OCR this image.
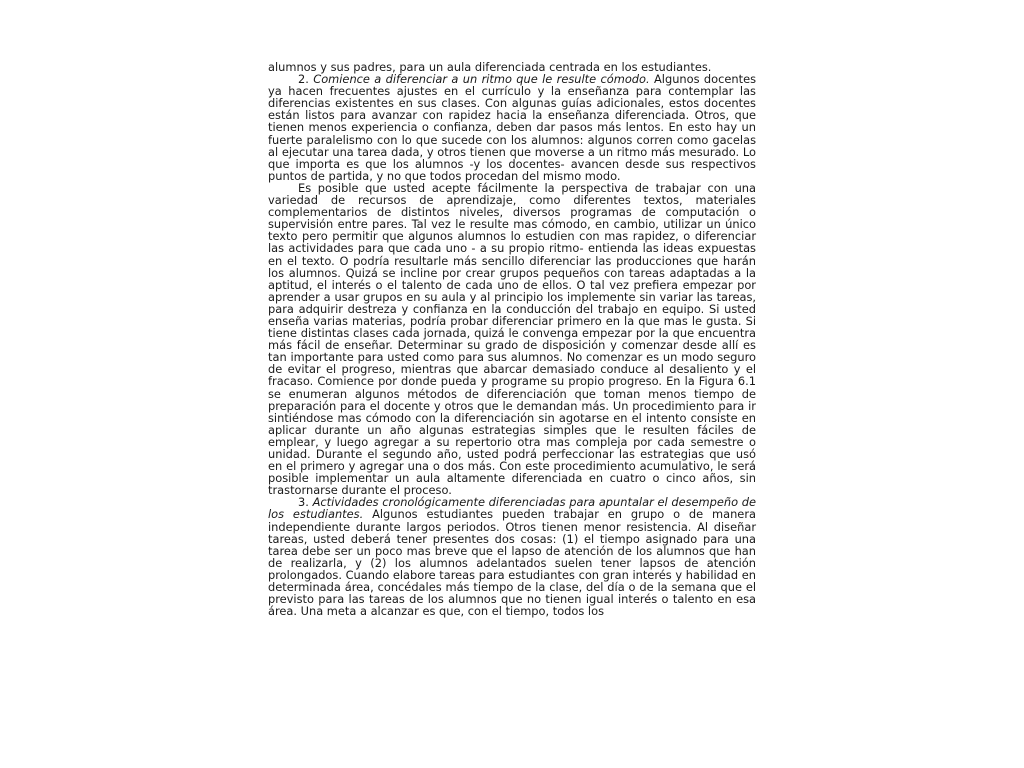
alumnos y sus padres, para un aula diferenciada centrada en los estudiantes.

2. Comience a diferenciar a un ritmo que le resulte cómodo. Algunos docentes ya hacen frecuentes ajustes en el currículo y la enseñanza para contemplar las diferencias existentes en sus clases. Con algunas guías adicionales, estos docentes están listos para avanzar con rapidez hacia la enseñanza diferenciada. Otros, que tienen menos experiencia o confianza, deben dar pasos más lentos. En esto hay un fuerte paralelismo con lo que sucede con los alumnos: algunos corren como gacelas al ejecutar una tarea dada, y otros tienen que moverse a un ritmo más mesurado. Lo que importa es que los alumnos -y los docentes- avancen desde sus respectivos puntos de partida, y no que todos procedan del mismo modo.

Es posible que usted acepte fácilmente la perspectiva de trabajar con una variedad de recursos de aprendizaje, como diferentes textos, materiales complementarios de distintos niveles, diversos programas de computación o supervisión entre pares. Tal vez le resulte mas cómodo, en cambio, utilizar un único texto pero permitir que algunos alumnos lo estudien con mas rapidez, o diferenciar las actividades para que cada uno - a su propio ritmo- entienda las ideas expuestas en el texto. O podría resultarle más sencillo diferenciar las producciones que harán los alumnos. Quizá se incline por crear grupos pequeños con tareas adaptadas a la aptitud, el interés o el talento de cada uno de ellos. O tal vez prefiera empezar por aprender a usar grupos en su aula y al principio los implemente sin variar las tareas, para adquirir destreza y confianza en la conducción del trabajo en equipo. Si usted enseña varias materias, podría probar diferenciar primero en la que mas le gusta. Si tiene distintas clases cada jornada, quizá le convenga empezar por la que encuentra más fácil de enseñar. Determinar su grado de disposición y comenzar desde allí es tan importante para usted como para sus alumnos. No comenzar es un modo seguro de evitar el progreso, mientras que abarcar demasiado conduce al desaliento y el fracaso. Comience por donde pueda y programe su propio progreso. En la Figura 6.1 se enumeran algunos métodos de diferenciación que toman menos tiempo de preparación para el docente y otros que le demandan más. Un procedimiento para ir sintiéndose mas cómodo con la diferenciación sin agotarse en el intento consiste en aplicar durante un año algunas estrategias simples que le resulten fáciles de emplear, y luego agregar a su repertorio otra mas compleja por cada semestre o unidad. Durante el segundo año, usted podrá perfeccionar las estrategias que usó en el primero y agregar una o dos más. Con este procedimiento acumulativo, le será posible implementar un aula altamente diferenciada en cuatro o cinco años, sin trastornarse durante el proceso.

3. Actividades cronológicamente diferenciadas para apuntalar el desempeño de los estudiantes. Algunos estudiantes pueden trabajar en grupo o de manera independiente durante largos periodos. Otros tienen menor resistencia. Al diseñar tareas, usted deberá tener presentes dos cosas: (1) el tiempo asignado para una tarea debe ser un poco mas breve que el lapso de atención de los alumnos que han de realizarla, y (2) los alumnos adelantados suelen tener lapsos de atención prolongados. Cuando elabore tareas para estudiantes con gran interés y habilidad en determinada área, concédales más tiempo de la clase, del día o de la semana que el previsto para las tareas de los alumnos que no tienen igual interés o talento en esa área. Una meta a alcanzar es que, con el tiempo, todos los
